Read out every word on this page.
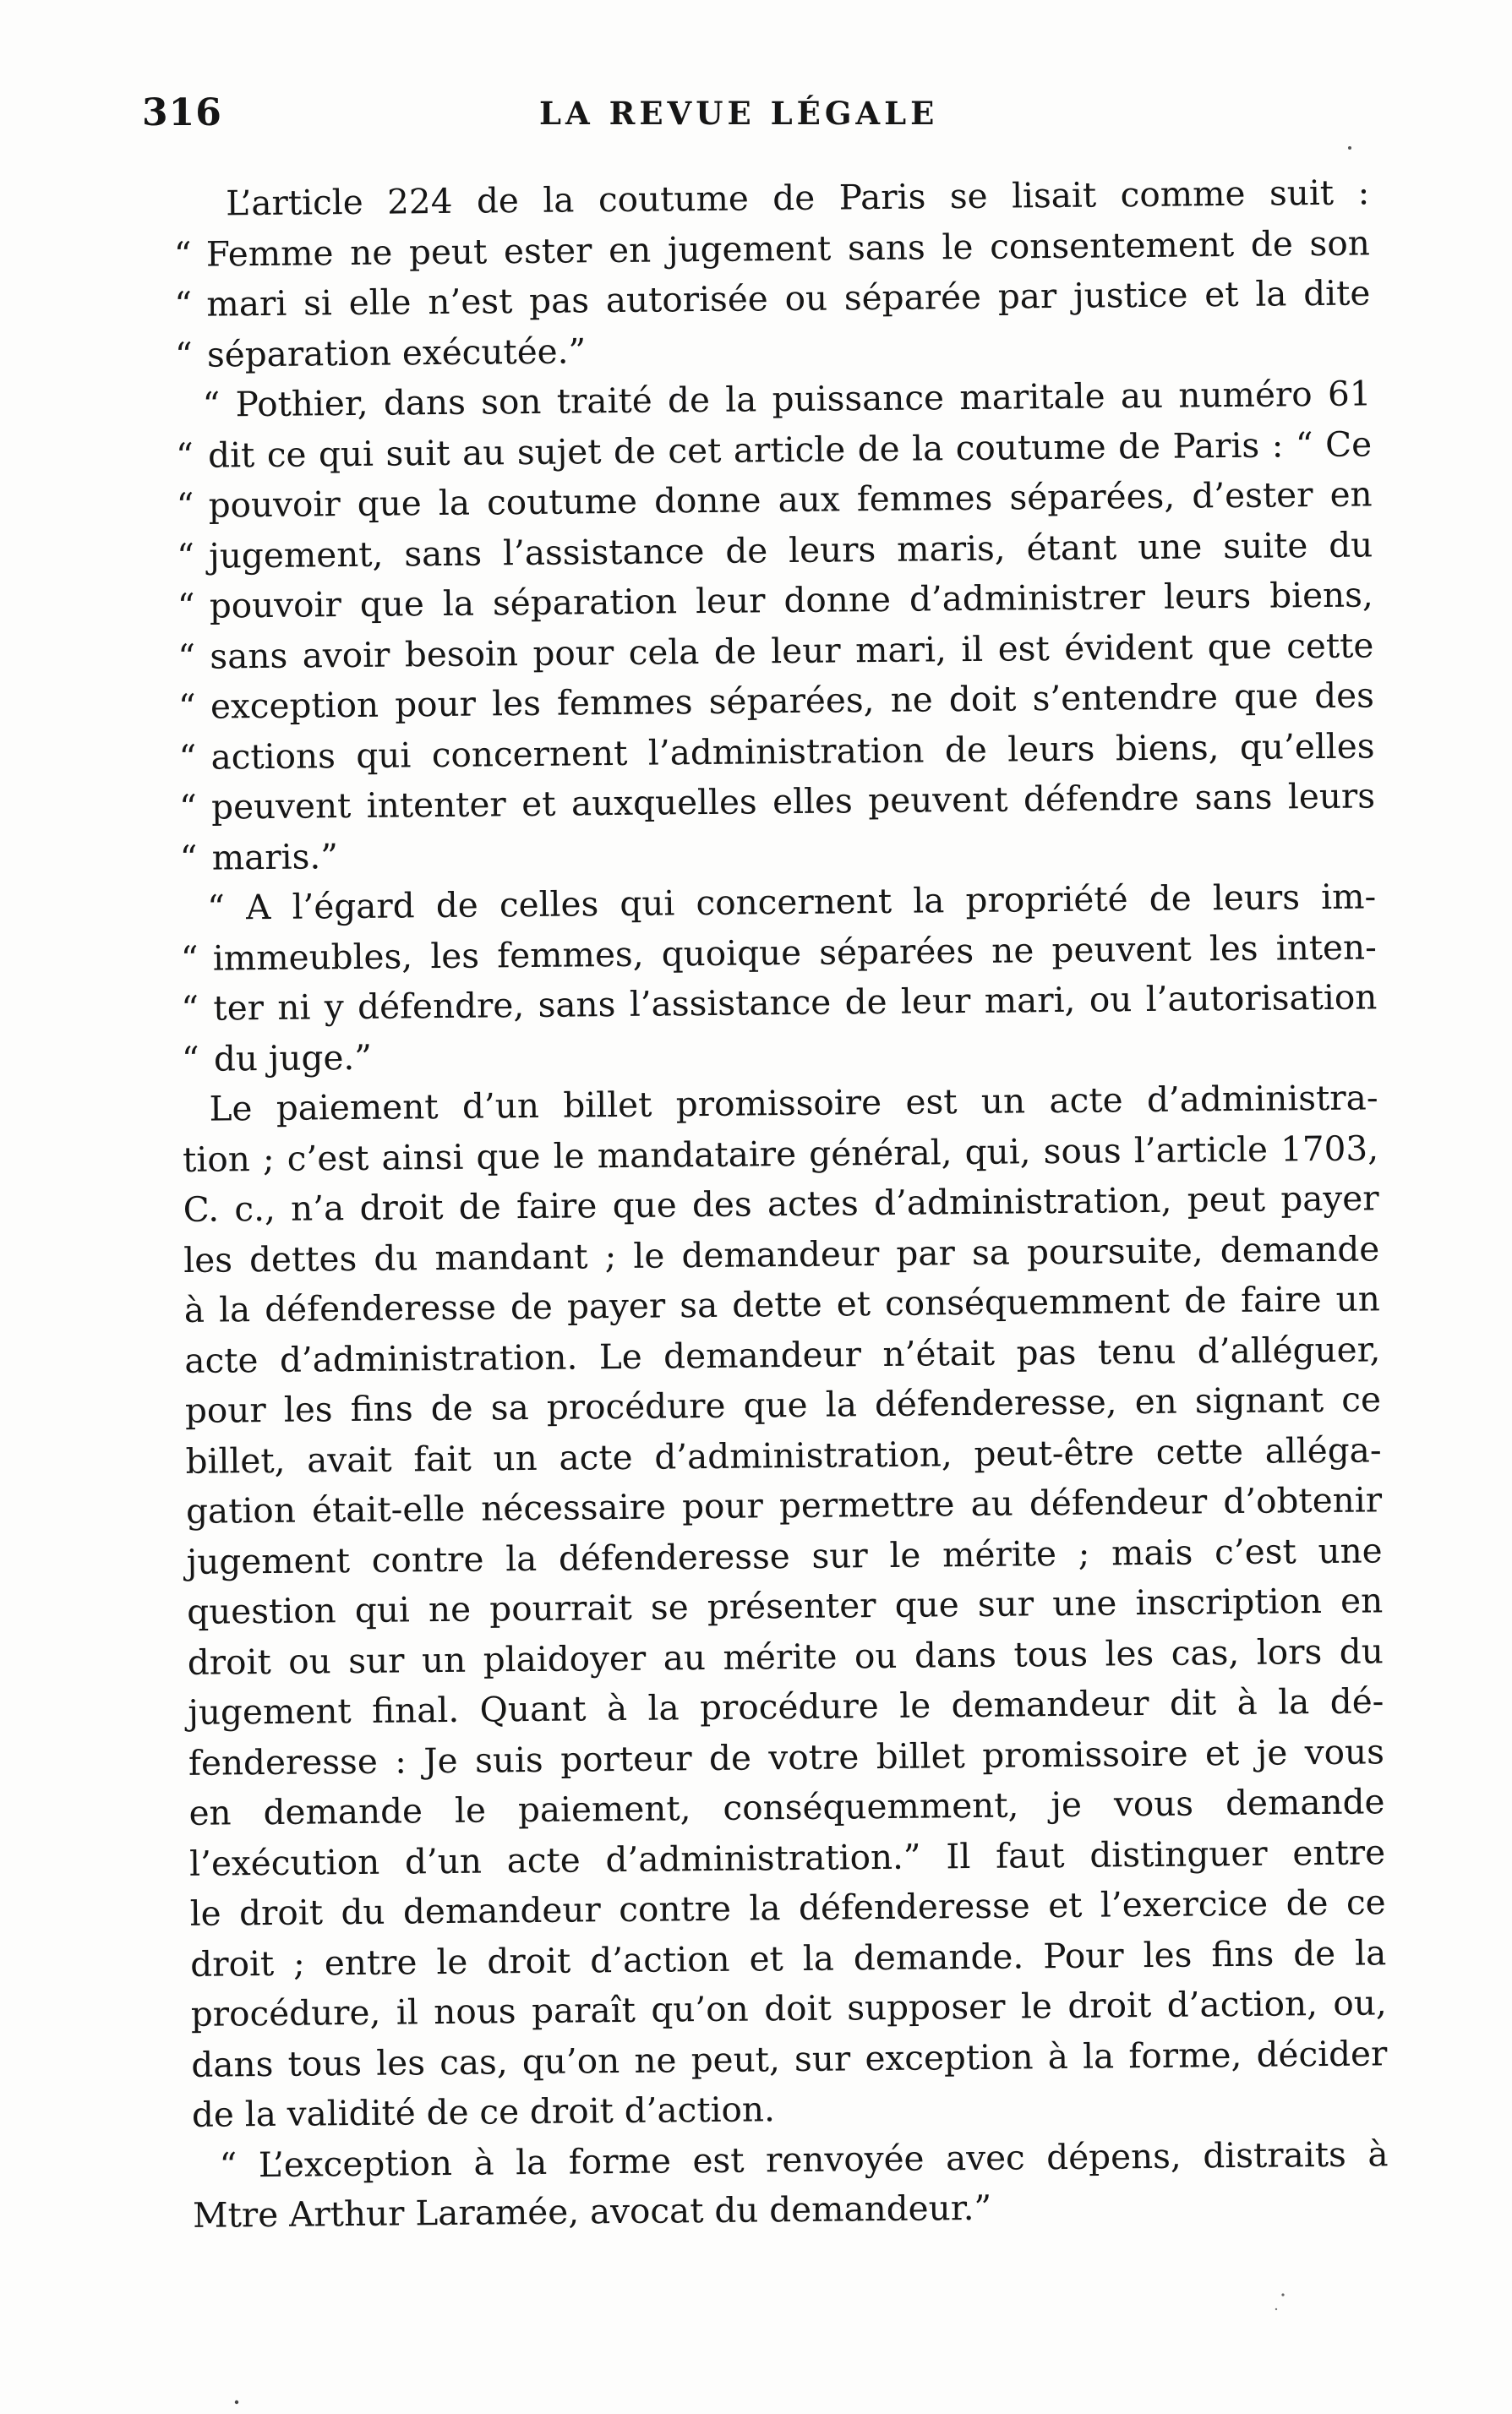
316	LA REVUE LÉGALE
L’article 224 de la coutume de Paris se lisait comme suit :
“ Femme ne peut ester en jugement sans le consentement de son
“ mari si elle n’est pas autorisée ou séparée par justice et la dite
“ séparation exécutée.”
“ Pothier, dans son traité de la puissance maritale au numéro 61
“ dit ce qui suit au sujet de cet article de la coutume de Paris : “ Ce
“ pouvoir que la coutume donne aux femmes séparées, d’ester en
“ jugement, sans l’assistance de leurs maris, étant une suite du
“ pouvoir que la séparation leur donne d’administrer leurs biens,
“ sans avoir besoin pour cela de leur mari, il est évident que cette
“ exception pour les femmes séparées, ne doit s’entendre que des
“ actions qui concernent l’administration de leurs biens, qu’elles
“ peuvent intenter et auxquelles elles peuvent défendre sans leurs
“ maris.”
“ A l’égard de celles qui concernent la propriété de leurs im-
“ immeubles, les femmes, quoique séparées ne peuvent les inten-
“ ter ni y défendre, sans l’assistance de leur mari, ou l’autorisation
“ du juge.”
Le paiement d’un billet promissoire est un acte d’administra-
tion ; c’est ainsi que le mandataire général, qui, sous l’article 1703,
C. c., n’a droit de faire que des actes d’administration, peut payer
les dettes du mandant ; le demandeur par sa poursuite, demande
à la défenderesse de payer sa dette et conséquemment de faire un
acte d’administration. Le demandeur n’était pas tenu d’alléguer,
pour les fins de sa procédure que la défenderesse, en signant ce
billet, avait fait un acte d’administration, peut-être cette alléga-
gation était-elle nécessaire pour permettre au défendeur d’obtenir
jugement contre la défenderesse sur le mérite ; mais c’est une
question qui ne pourrait se présenter que sur une inscription en
droit ou sur un plaidoyer au mérite ou dans tous les cas, lors du
jugement final. Quant à la procédure le demandeur dit à la dé-
fenderesse : Je suis porteur de votre billet promissoire et je vous
en demande le paiement, conséquemment, je vous demande
l’exécution d’un acte d’administration.” Il faut distinguer entre
le droit du demandeur contre la défenderesse et l’exercice de ce
droit ; entre le droit d’action et la demande. Pour les fins de la
procédure, il nous paraît qu’on doit supposer le droit d’action, ou,
dans tous les cas, qu’on ne peut, sur exception à la forme, décider
de la validité de ce droit d’action.
“ L’exception à la forme est renvoyée avec dépens, distraits à
Mtre Arthur Laramée, avocat du demandeur.”
